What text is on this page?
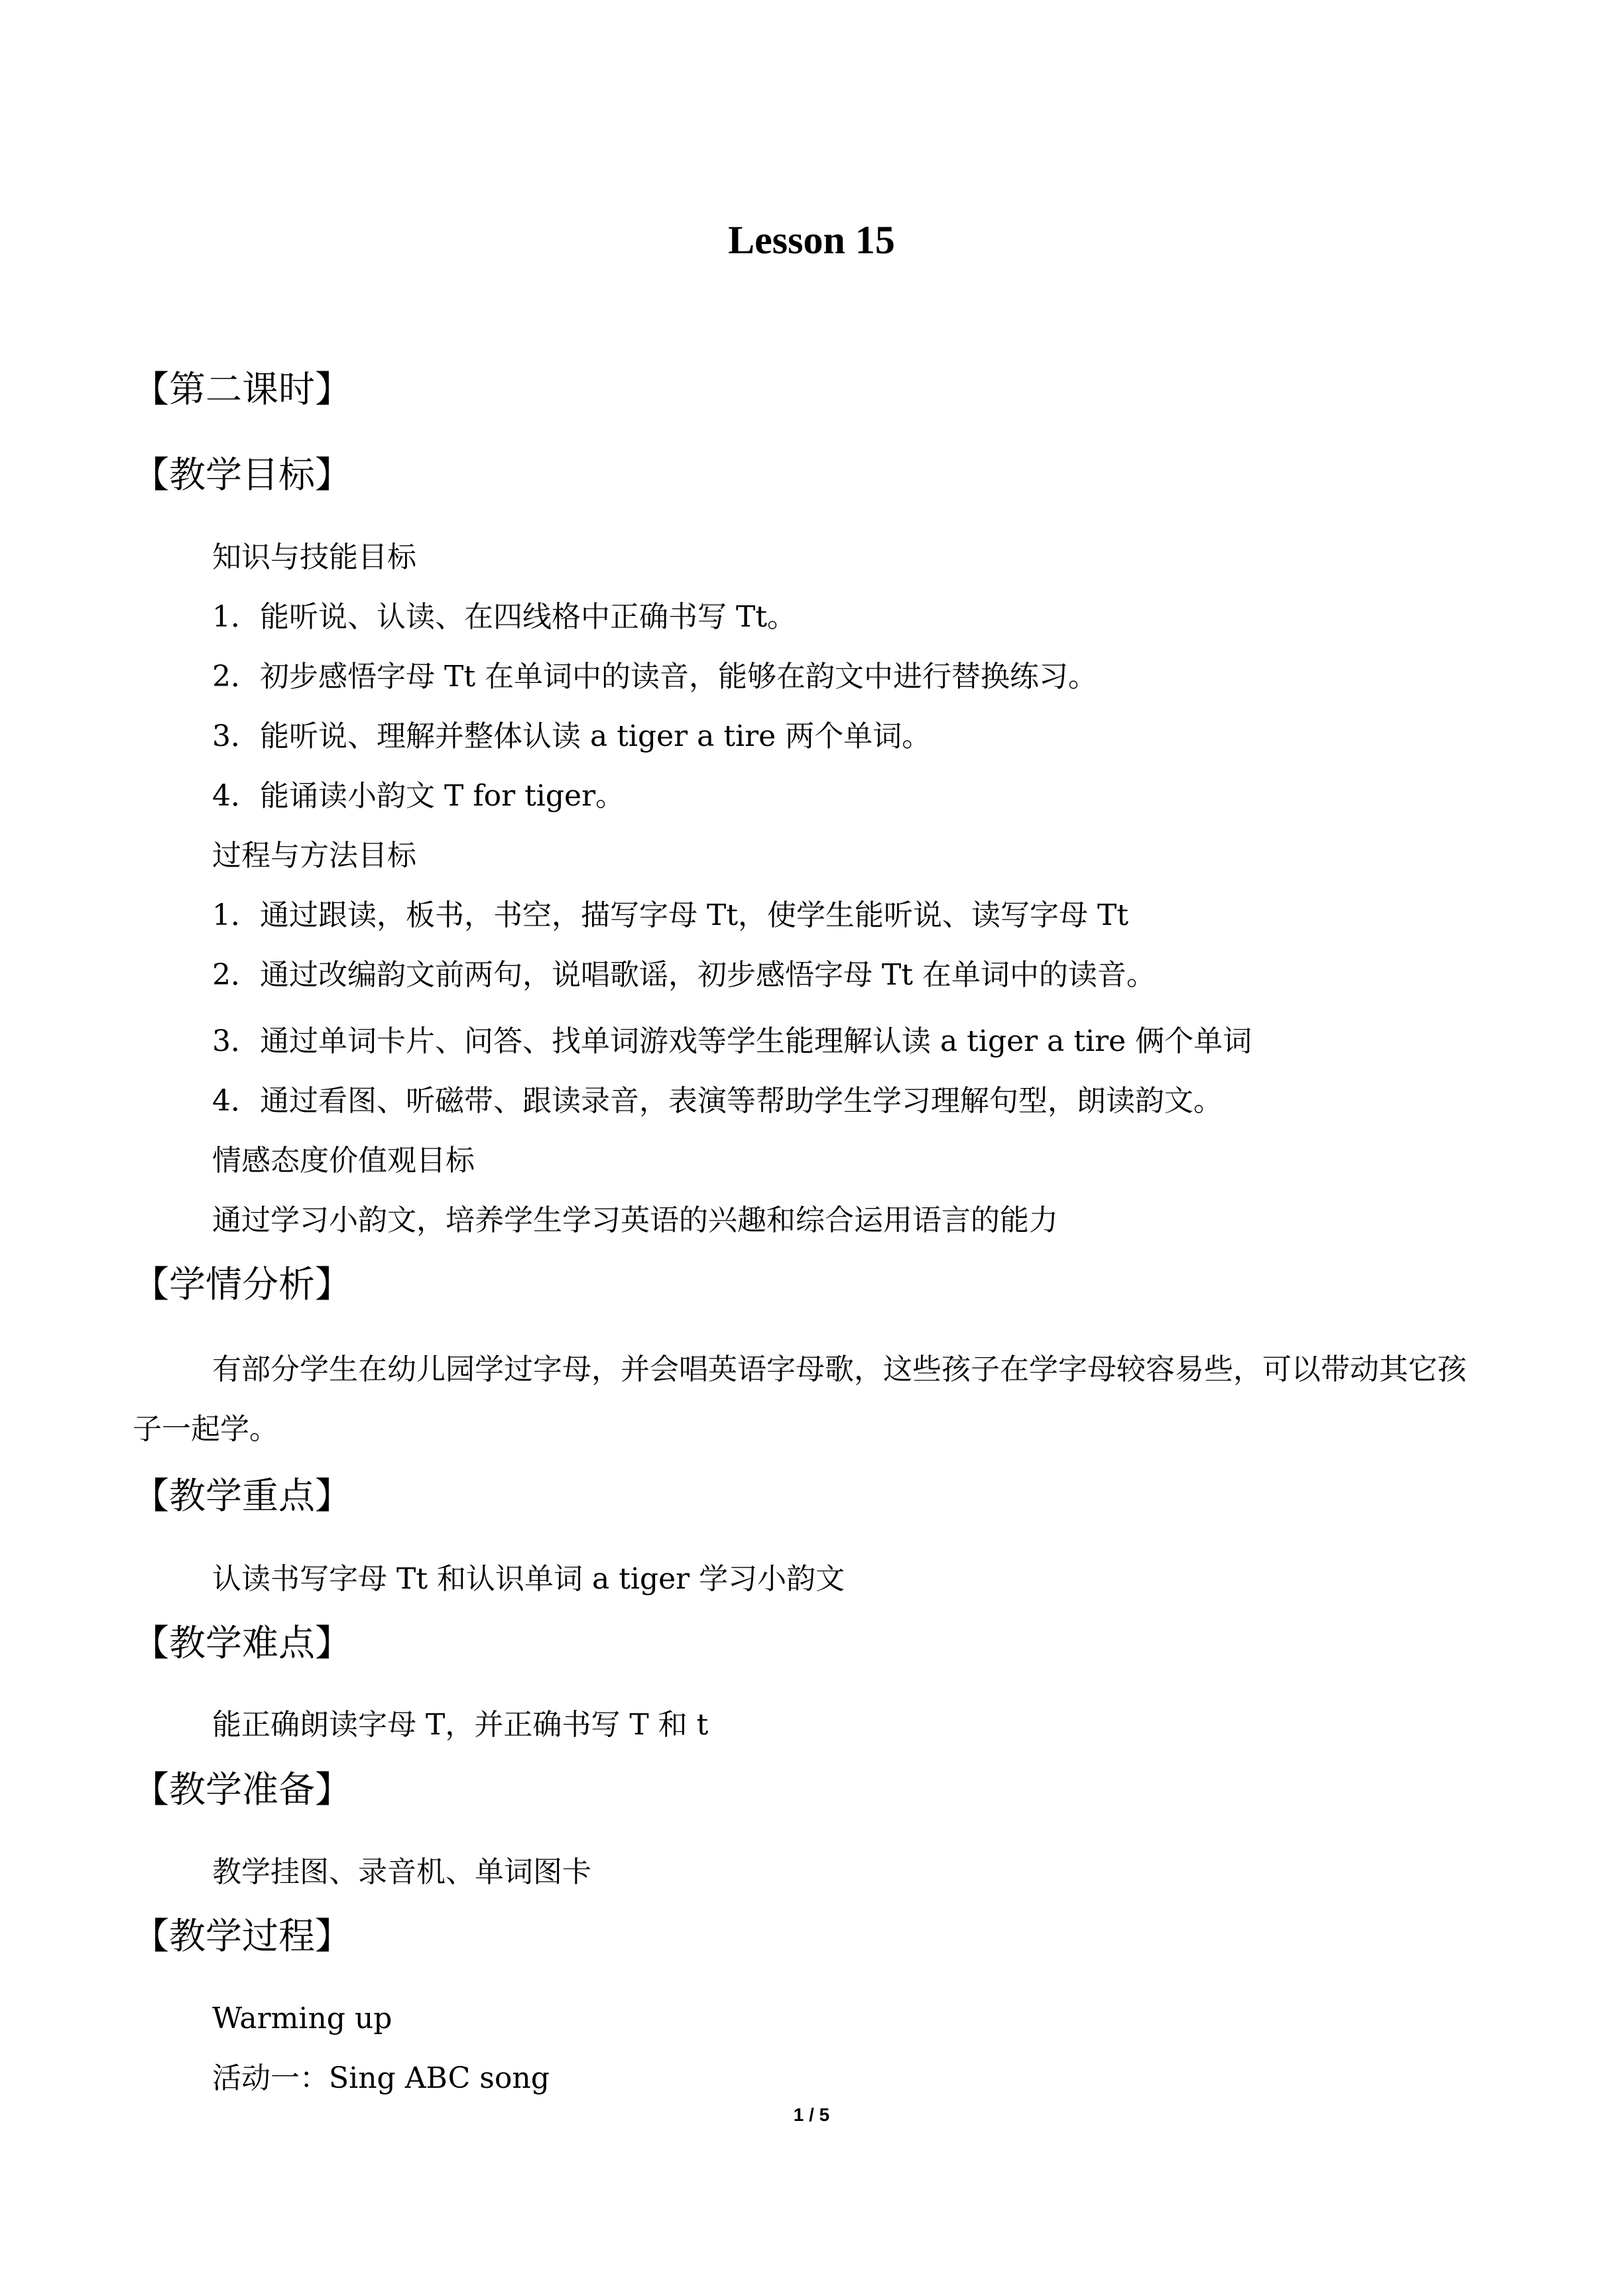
Lesson 15
【第二课时】
【教学目标】
知识与技能目标
1．能听说、认读、在四线格中正确书写 Tt。
2．初步感悟字母 Tt 在单词中的读音，能够在韵文中进行替换练习。
3．能听说、理解并整体认读 a tiger a tire 两个单词。
4．能诵读小韵文 T for tiger。
过程与方法目标
1．通过跟读，板书，书空，描写字母 Tt，使学生能听说、读写字母 Tt
2．通过改编韵文前两句，说唱歌谣，初步感悟字母 Tt 在单词中的读音。
3．通过单词卡片、问答、找单词游戏等学生能理解认读 a tiger a tire 俩个单词
4．通过看图、听磁带、跟读录音，表演等帮助学生学习理解句型，朗读韵文。
情感态度价值观目标
通过学习小韵文，培养学生学习英语的兴趣和综合运用语言的能力
【学情分析】
有部分学生在幼儿园学过字母，并会唱英语字母歌，这些孩子在学字母较容易些，可以带动其它孩子一起学。
【教学重点】
认读书写字母 Tt 和认识单词 a tiger 学习小韵文
【教学难点】
能正确朗读字母 T，并正确书写 T 和 t
【教学准备】
教学挂图、录音机、单词图卡
【教学过程】
Warming up
活动一：Sing ABC song
1 / 5
